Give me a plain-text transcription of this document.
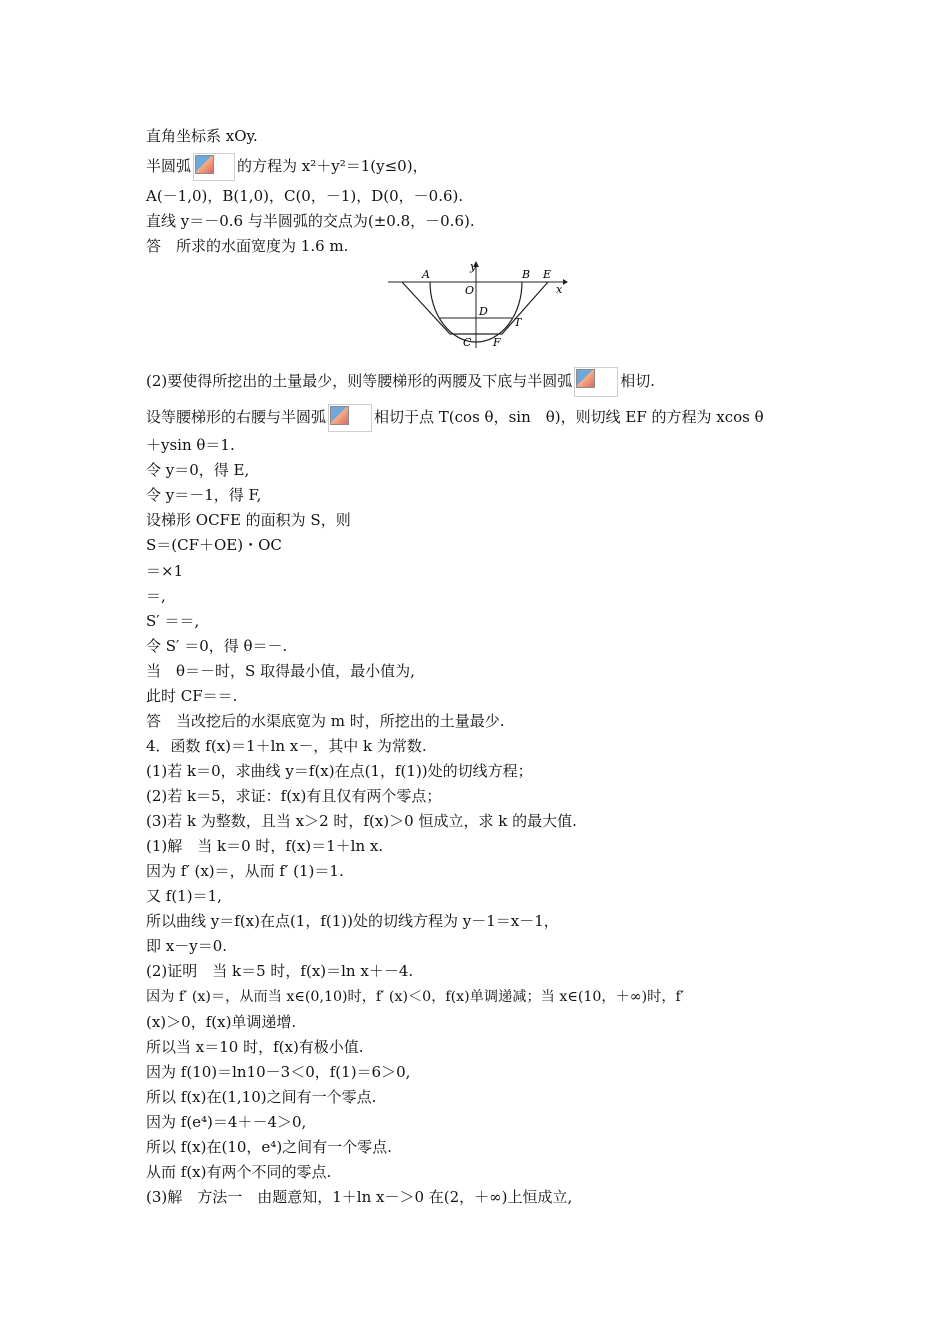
直角坐标系 xOy.
半圆弧	的方程为 x²＋y²＝1(y≤0)，
A(－1,0)，B(1,0)，C(0，－1)，D(0，－0.6).
直线 y＝－0.6 与半圆弧的交点为(±0.8，－0.6).
答　所求的水面宽度为 1.6 m.
y
x
A	B E
O
D
T
C F
(2)要使得所挖出的土量最少，则等腰梯形的两腰及下底与半圆弧	相切.
设等腰梯形的右腰与半圆弧	相切于点 T(cos θ，sin　θ)，则切线 EF 的方程为 xcos θ
＋ysin θ＝1.
令 y＝0，得 E,
令 y＝－1，得 F,
设梯形 OCFE 的面积为 S，则
S＝(CF＋OE)・OC
＝×1
＝,
S′ ＝＝,
令 S′ ＝0，得 θ＝－.
当　θ＝－时，S 取得最小值，最小值为,
此时 CF＝＝.
答　当改挖后的水渠底宽为 m 时，所挖出的土量最少.
4．函数 f(x)＝1＋ln x－，其中 k 为常数.
(1)若 k＝0，求曲线 y＝f(x)在点(1，f(1))处的切线方程；
(2)若 k＝5，求证：f(x)有且仅有两个零点；
(3)若 k 为整数，且当 x＞2 时，f(x)＞0 恒成立，求 k 的最大值.
(1)解　当 k＝0 时，f(x)＝1＋ln x.
因为 f′ (x)＝，从而 f′ (1)＝1.
又 f(1)＝1,
所以曲线 y＝f(x)在点(1，f(1))处的切线方程为 y－1＝x－1，
即 x－y＝0.
(2)证明　当 k＝5 时，f(x)＝ln x＋－4.
因为 f′ (x)＝，从而当 x∈(0,10)时，f′ (x)＜0，f(x)单调递减；当 x∈(10，＋∞)时，f′
(x)＞0，f(x)单调递增.
所以当 x＝10 时，f(x)有极小值.
因为 f(10)＝ln10－3＜0，f(1)＝6＞0,
所以 f(x)在(1,10)之间有一个零点.
因为 f(e⁴)＝4＋－4＞0,
所以 f(x)在(10，e⁴)之间有一个零点.
从而 f(x)有两个不同的零点.
(3)解　方法一　由题意知，1＋ln x－＞0 在(2，＋∞)上恒成立,
